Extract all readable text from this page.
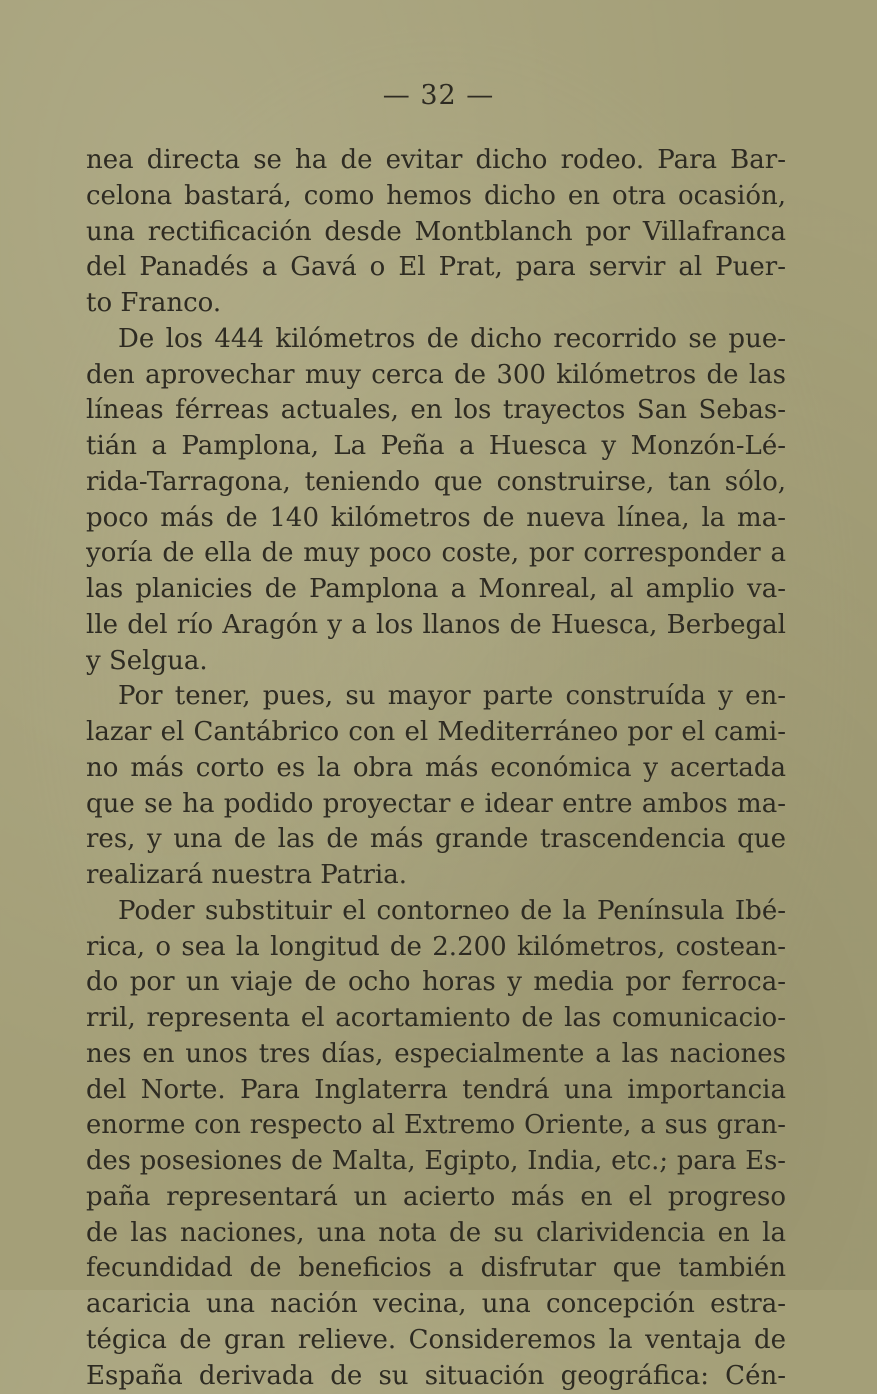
— 32 —
nea directa se ha de evitar dicho rodeo. Para Bar-
celona bastará, como hemos dicho en otra ocasión,
una rectificación desde Montblanch por Villafranca
del Panadés a Gavá o El Prat, para servir al Puer-
to Franco.
De los 444 kilómetros de dicho recorrido se pue-
den aprovechar muy cerca de 300 kilómetros de las
líneas férreas actuales, en los trayectos San Sebas-
tián a Pamplona, La Peña a Huesca y Monzón-Lé-
rida-Tarragona, teniendo que construirse, tan sólo,
poco más de 140 kilómetros de nueva línea, la ma-
yoría de ella de muy poco coste, por corresponder a
las planicies de Pamplona a Monreal, al amplio va-
lle del río Aragón y a los llanos de Huesca, Berbegal
y Selgua.
Por tener, pues, su mayor parte construída y en-
lazar el Cantábrico con el Mediterráneo por el cami-
no más corto es la obra más económica y acertada
que se ha podido proyectar e idear entre ambos ma-
res, y una de las de más grande trascendencia que
realizará nuestra Patria.
Poder substituir el contorneo de la Península Ibé-
rica, o sea la longitud de 2.200 kilómetros, costean-
do por un viaje de ocho horas y media por ferroca-
rril, representa el acortamiento de las comunicacio-
nes en unos tres días, especialmente a las naciones
del Norte. Para Inglaterra tendrá una importancia
enorme con respecto al Extremo Oriente, a sus gran-
des posesiones de Malta, Egipto, India, etc.; para Es-
paña representará un acierto más en el progreso
de las naciones, una nota de su clarividencia en la
fecundidad de beneficios a disfrutar que también
acaricia una nación vecina, una concepción estra-
tégica de gran relieve. Consideremos la ventaja de
España derivada de su situación geográfica: Cén-
